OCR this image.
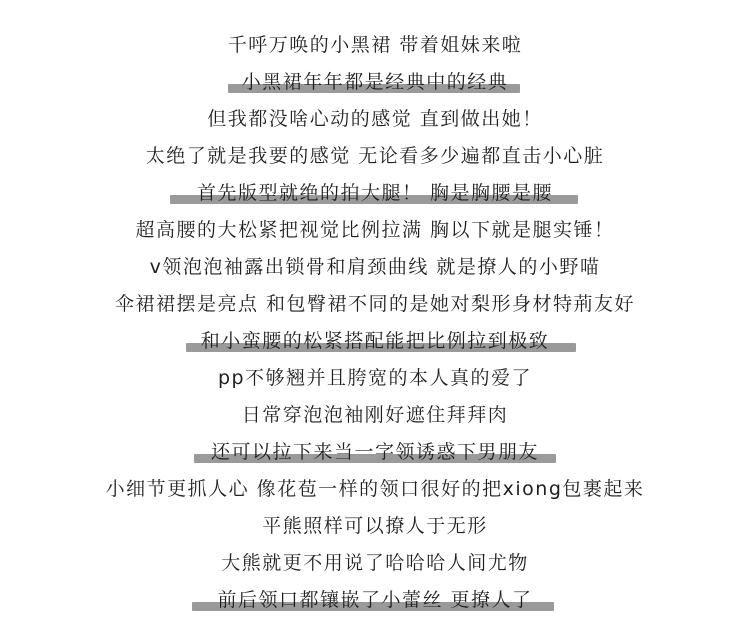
千呼万唤的小黑裙 带着姐妹来啦
小黑裙年年都是经典中的经典
但我都没啥心动的感觉 直到做出她！
太绝了就是我要的感觉 无论看多少遍都直击小心脏
首先版型就绝的拍大腿！ 胸是胸腰是腰
超高腰的大松紧把视觉比例拉满 胸以下就是腿实锤！
v领泡泡袖露出锁骨和肩颈曲线 就是撩人的小野喵
伞裙裙摆是亮点 和包臀裙不同的是她对梨形身材特荊友好
和小蛮腰的松紧搭配能把比例拉到极致
pp不够翘并且胯宽的本人真的爱了
日常穿泡泡袖刚好遮住拜拜肉
还可以拉下来当一字领诱惑下男朋友
小细节更抓人心 像花苞一样的领口很好的把xiong包裹起来
平熊照样可以撩人于无形
大熊就更不用说了哈哈哈人间尤物
前后领口都镶嵌了小蕾丝 更撩人了
